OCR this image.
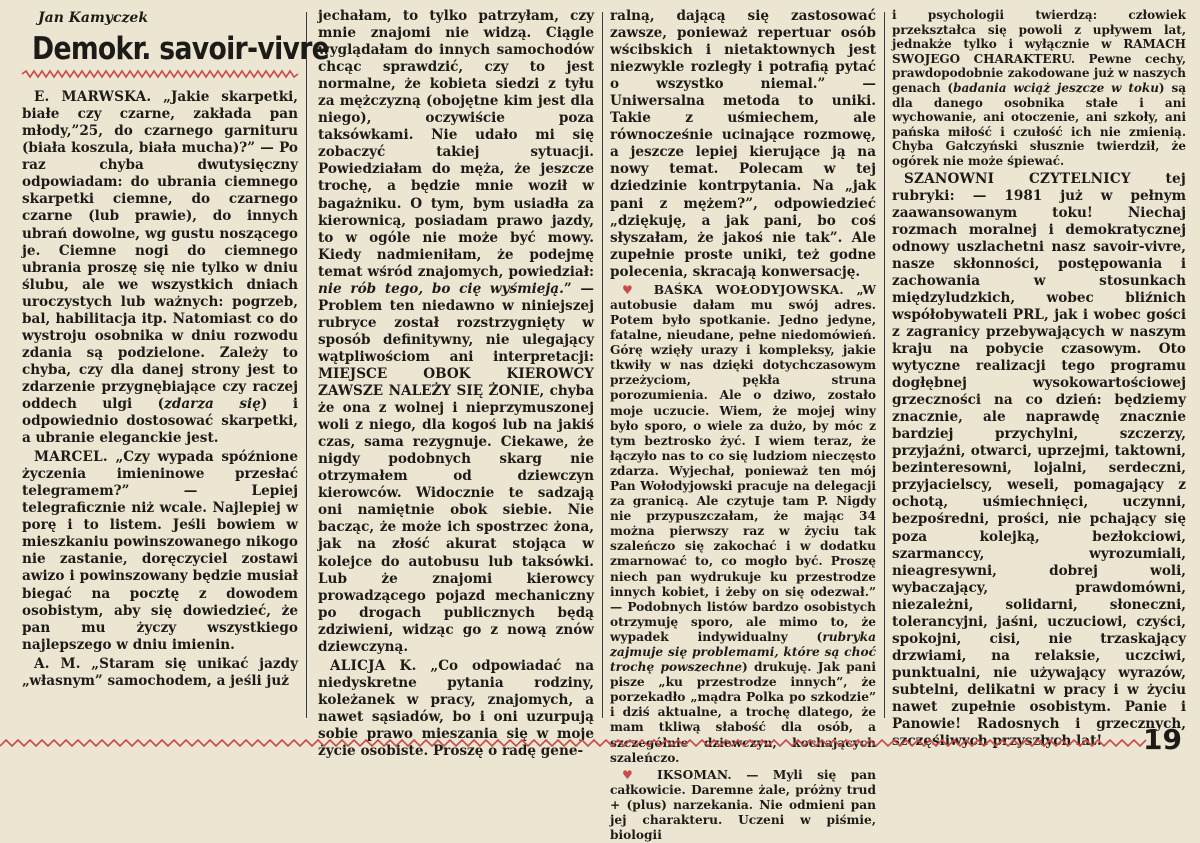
Jan Kamyczek

Demokr. savoir-vivre

E. MARWSKA. „Jakie skarpetki, białe czy czarne, zakłada pan młody,”25, do czarnego garnituru (biała koszula, biała mucha)?” — Po raz chyba dwutysięczny odpowiadam: do ubrania ciemnego skarpetki ciemne, do czarnego czarne (lub prawie), do innych ubrań dowolne, wg gustu noszącego je. Ciemne nogi do ciemnego ubrania proszę się nie tylko w dniu ślubu, ale we wszystkich dniach uroczystych lub ważnych: pogrzeb, bal, habilitacja itp. Natomiast co do wystroju osobnika w dniu rozwodu zdania są podzielone. Zależy to chyba, czy dla danej strony jest to zdarzenie przygnębiające czy raczej oddech ulgi (zdarza się) i odpowiednio dostosować skarpetki, a ubranie eleganckie jest.

MARCEL. „Czy wypada spóźnione życzenia imieninowe przesłać telegramem?” — Lepiej telegraficznie niż wcale. Najlepiej w porę i to listem. Jeśli bowiem w mieszkaniu powinszowanego nikogo nie zastanie, doręczyciel zostawi awizo i powinszowany będzie musiał biegać na pocztę z dowodem osobistym, aby się dowiedzieć, że pan mu życzy wszystkiego najlepszego w dniu imienin.

A. M. „Staram się unikać jazdy „własnym” samochodem, a jeśli już

jechałam, to tylko patrzyłam, czy mnie znajomi nie widzą. Ciągle wyglądałam do innych samochodów chcąc sprawdzić, czy to jest normalne, że kobieta siedzi z tyłu za mężczyzną (obojętne kim jest dla niego), oczywiście poza taksówkami. Nie udało mi się zobaczyć takiej sytuacji. Powiedziałam do męża, że jeszcze trochę, a będzie mnie woził w bagażniku. O tym, bym usiadła za kierownicą, posiadam prawo jazdy, to w ogóle nie może być mowy. Kiedy nadmieniłam, że podejmę temat wśród znajomych, powiedział: nie rób tego, bo cię wyśmieją.” — Problem ten niedawno w niniejszej rubryce został rozstrzygnięty w sposób definitywny, nie ulegający wątpliwościom ani interpretacji: MIEJSCE OBOK KIEROWCY ZAWSZE NALEŻY SIĘ ŻONIE, chyba że ona z wolnej i nieprzymuszonej woli z niego, dla kogoś lub na jakiś czas, sama rezygnuje. Ciekawe, że nigdy podobnych skarg nie otrzymałem od dziewczyn kierowców. Widocznie te sadzają oni namiętnie obok siebie. Nie bacząc, że może ich spostrzec żona, jak na złość akurat stojąca w kolejce do autobusu lub taksówki. Lub że znajomi kierowcy prowadzącego pojazd mechaniczny po drogach publicznych będą zdziwieni, widząc go z nową znów dziewczyną.

ALICJA K. „Co odpowiadać na niedyskretne pytania rodziny, koleżanek w pracy, znajomych, a nawet sąsiadów, bo i oni uzurpują sobie prawo mieszania się w moje życie osobiste. Proszę o radę gene-

ralną, dającą się zastosować zawsze, ponieważ repertuar osób wścibskich i nietaktownych jest niezwykle rozległy i potrafią pytać o wszystko niemal.” — Uniwersalna metoda to uniki. Takie z uśmiechem, ale równocześnie ucinające rozmowę, a jeszcze lepiej kierujące ją na nowy temat. Polecam w tej dziedzinie kontrpytania. Na „jak pani z mężem?”, odpowiedzieć „dziękuję, a jak pani, bo coś słyszałam, że jakoś nie tak”. Ale zupełnie proste uniki, też godne polecenia, skracają konwersację.

♥ BAŚKA WOŁODYJOWSKA. „W autobusie dałam mu swój adres. Potem było spotkanie. Jedno jedyne, fatalne, nieudane, pełne niedomówień. Górę wzięły urazy i kompleksy, jakie tkwiły w nas dzięki dotychczasowym przeżyciom, pękła struna porozumienia. Ale o dziwo, zostało moje uczucie. Wiem, że mojej winy było sporo, o wiele za dużo, by móc z tym beztrosko żyć. I wiem teraz, że łączyło nas to co się ludziom nieczęsto zdarza. Wyjechał, ponieważ ten mój Pan Wołodyjowski pracuje na delegacji za granicą. Ale czytuje tam P. Nigdy nie przypuszczałam, że mając 34 można pierwszy raz w życiu tak szaleńczo się zakochać i w dodatku zmarnować to, co mogło być. Proszę niech pan wydrukuje ku przestrodze innych kobiet, i żeby on się odezwał.” — Podobnych listów bardzo osobistych otrzymuję sporo, ale mimo to, że wypadek indywidualny (rubryka zajmuje się problemami, które są choć trochę powszechne) drukuję. Jak pani pisze „ku przestrodze innych”, że porzekadło „mądra Polka po szkodzie” i dziś aktualne, a trochę dlatego, że mam tkliwą słabość dla osób, a szczególnie dziewczyn, kochających szaleńczo.

♥ IKSOMAN. — Myli się pan całkowicie. Daremne żale, próżny trud + (plus) narzekania. Nie odmieni pan jej charakteru. Uczeni w piśmie, biologii

i psychologii twierdzą: człowiek przekształca się powoli z upływem lat, jednakże tylko i wyłącznie w RAMACH SWOJEGO CHARAKTERU. Pewne cechy, prawdopodobnie zakodowane już w naszych genach (badania wciąż jeszcze w toku) są dla danego osobnika stałe i ani wychowanie, ani otoczenie, ani szkoły, ani pańska miłość i czułość ich nie zmienią. Chyba Gałczyński słusznie twierdził, że ogórek nie może śpiewać.

SZANOWNI CZYTELNICY tej rubryki: — 1981 już w pełnym zaawansowanym toku! Niechaj rozmach moralnej i demokratycznej odnowy uszlachetni nasz savoir-vivre, nasze skłonności, postępowania i zachowania w stosunkach międzyludzkich, wobec bliźnich współobywateli PRL, jak i wobec gości z zagranicy przebywających w naszym kraju na pobycie czasowym. Oto wytyczne realizacji tego programu dogłębnej wysokowartościowej grzeczności na co dzień: będziemy znacznie, ale naprawdę znacznie bardziej przychylni, szczerzy, przyjaźni, otwarci, uprzejmi, taktowni, bezinteresowni, lojalni, serdeczni, przyjacielscy, weseli, pomagający z ochotą, uśmiechnięci, uczynni, bezpośredni, prości, nie pchający się poza kolejką, bezłokciowi, szarmanccy, wyrozumiali, nieagresywni, dobrej woli, wybaczający, prawdomówni, niezależni, solidarni, słoneczni, tolerancyjni, jaśni, uczuciowi, czyści, spokojni, cisi, nie trzaskający drzwiami, na relaksie, uczciwi, punktualni, nie używający wyrazów, subtelni, delikatni w pracy i w życiu nawet zupełnie osobistym. Panie i Panowie! Radosnych i grzecznych, szczęśliwych przyszłych lat!	19
